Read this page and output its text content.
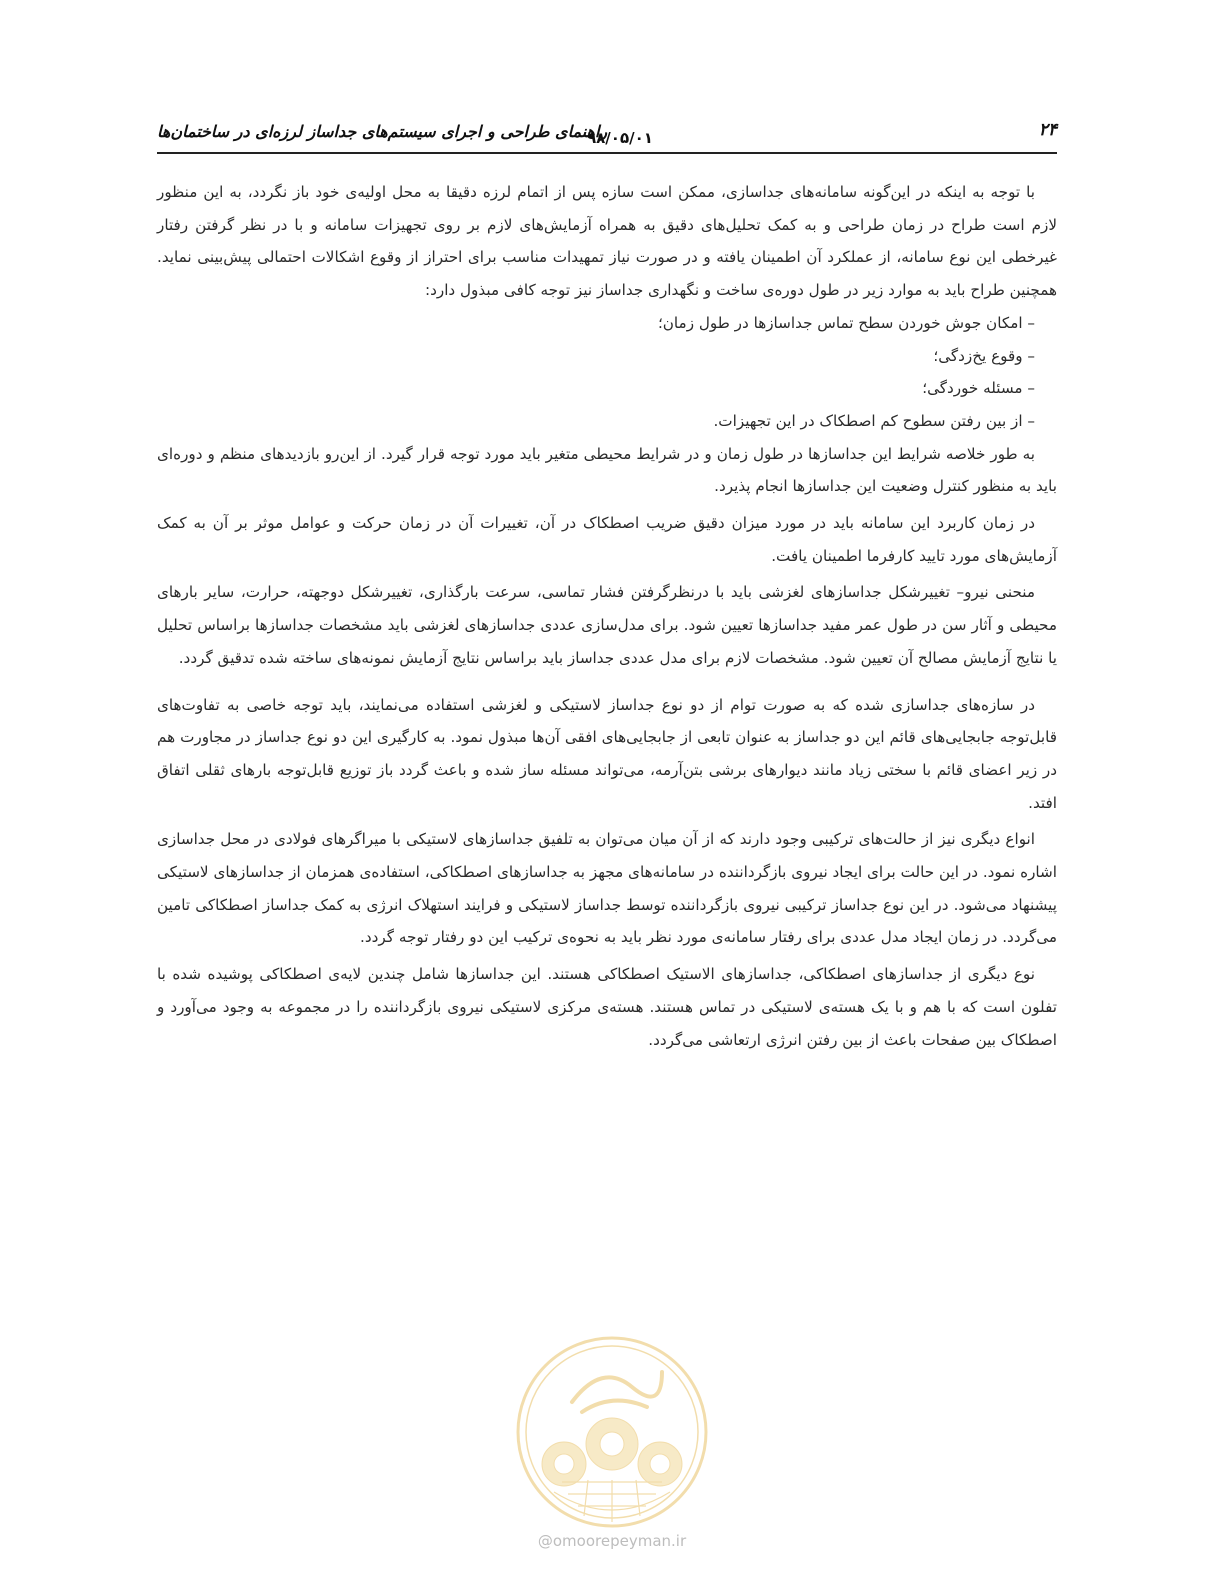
۲۴
راهنمای طراحی و اجرای سیستم‌های جداساز لرزه‌ای در ساختمان‌ها
۹۸/۰۵/۰۱

با توجه به اینکه در این‌گونه سامانه‌های جداسازی، ممکن است سازه پس از اتمام لرزه دقیقا به محل اولیه‌ی خود باز نگردد، به این منظور لازم است طراح در زمان طراحی و به کمک تحلیل‌های دقیق به همراه آزمایش‌های لازم بر روی تجهیزات سامانه و با در نظر گرفتن رفتار غیرخطی این نوع سامانه، از عملکرد آن اطمینان یافته و در صورت نیاز تمهیدات مناسب برای احتراز از وقوع اشکالات احتمالی پیش‌بینی نماید. همچنین طراح باید به موارد زیر در طول دوره‌ی ساخت و نگهداری جداساز نیز توجه کافی مبذول دارد:

– امکان جوش خوردن سطح تماس جداسازها در طول زمان؛

– وقوع یخ‌زدگی؛

– مسئله خوردگی؛

– از بین رفتن سطوح کم اصطکاک در این تجهیزات.

به طور خلاصه شرایط این جداسازها در طول زمان و در شرایط محیطی متغیر باید مورد توجه قرار گیرد. از این‌رو بازدیدهای منظم و دوره‌ای باید به منظور کنترل وضعیت این جداسازها انجام پذیرد.

در زمان کاربرد این سامانه باید در مورد میزان دقیق ضریب اصطکاک در آن، تغییرات آن در زمان حرکت و عوامل موثر بر آن به کمک آزمایش‌های مورد تایید کارفرما اطمینان یافت.

منحنی نیرو– تغییرشکل جداسازهای لغزشی باید با درنظرگرفتن فشار تماسی، سرعت بارگذاری، تغییرشکل دوجهته، حرارت، سایر بارهای محیطی و آثار سن در طول عمر مفید جداسازها تعیین شود. برای مدل‌سازی عددی جداسازهای لغزشی باید مشخصات جداسازها براساس تحلیل یا نتایج آزمایش مصالح آن تعیین شود. مشخصات لازم برای مدل عددی جداساز باید براساس نتایج آزمایش نمونه‌های ساخته شده تدقیق گردد.

در سازه‌های جداسازی شده که به صورت توام از دو نوع جداساز لاستیکی و لغزشی استفاده می‌نمایند، باید توجه خاصی به تفاوت‌های قابل‌توجه جابجایی‌های قائم این دو جداساز به عنوان تابعی از جابجایی‌های افقی آن‌ها مبذول نمود. به کارگیری این دو نوع جداساز در مجاورت هم در زیر اعضای قائم با سختی زیاد مانند دیوارهای برشی بتن‌آرمه، می‌تواند مسئله ساز شده و باعث گردد باز توزیع قابل‌توجه بارهای ثقلی اتفاق افتد.

انواع دیگری نیز از حالت‌های ترکیبی وجود دارند که از آن میان می‌توان به تلفیق جداسازهای لاستیکی با میراگرهای فولادی در محل جداسازی اشاره نمود. در این حالت برای ایجاد نیروی بازگرداننده در سامانه‌های مجهز به جداسازهای اصطکاکی، استفاده‌ی همزمان از جداسازهای لاستیکی پیشنهاد می‌شود. در این نوع جداساز ترکیبی نیروی بازگرداننده توسط جداساز لاستیکی و فرایند استهلاک انرژی به کمک جداساز اصطکاکی تامین می‌گردد. در زمان ایجاد مدل عددی برای رفتار سامانه‌ی مورد نظر باید به نحوه‌ی ترکیب این دو رفتار توجه گردد.

نوع دیگری از جداسازهای اصطکاکی، جداسازهای الاستیک اصطکاکی هستند. این جداسازها شامل چندین لایه‌ی اصطکاکی پوشیده شده با تفلون است که با هم و با یک هسته‌ی لاستیکی در تماس هستند. هسته‌ی مرکزی لاستیکی نیروی بازگرداننده را در مجموعه به وجود می‌آورد و اصطکاک بین صفحات باعث از بین رفتن انرژی ارتعاشی می‌گردد.

@omoorepeyman.ir
